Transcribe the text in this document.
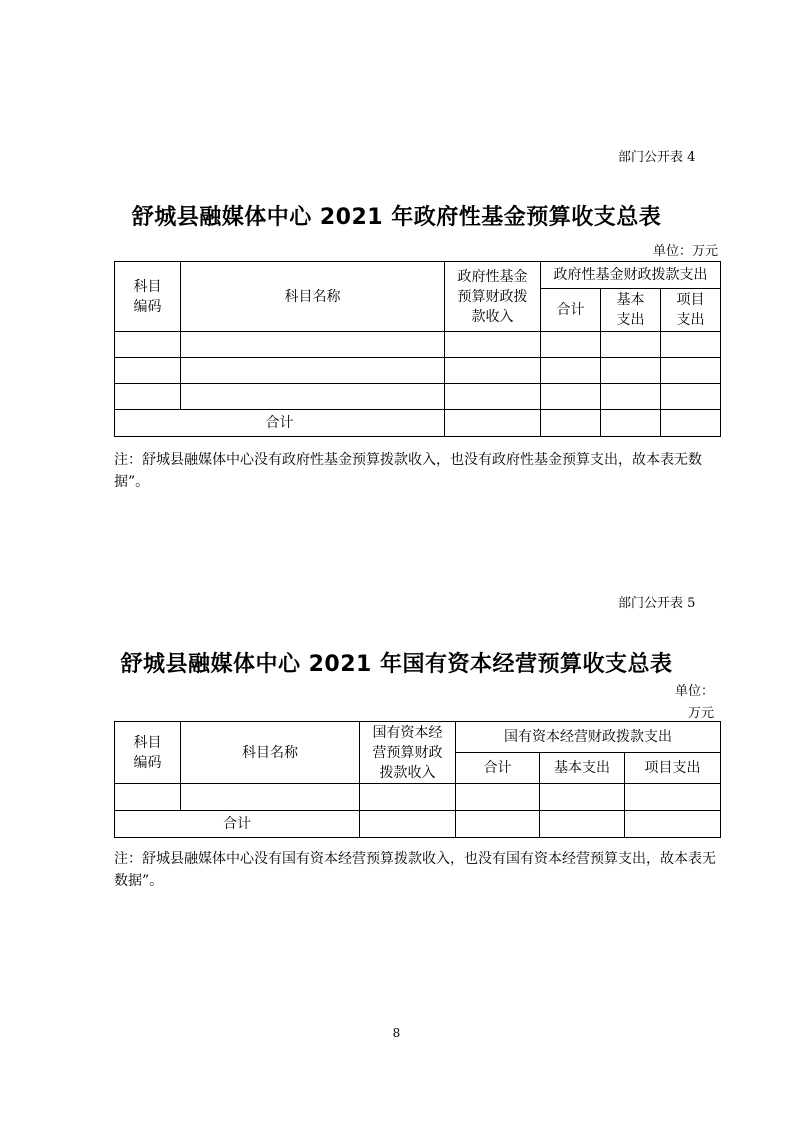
部门公开表 4
舒城县融媒体中心 2021 年政府性基金预算收支总表
单位：万元
科目编码	科目名称	政府性基金预算财政拨款收入	政府性基金财政拨款支出		
			合计	基本支出	项目支出

合计					
注：舒城县融媒体中心没有政府性基金预算拨款收入，也没有政府性基金预算支出，故本表无数据”。
部门公开表 5
舒城县融媒体中心 2021 年国有资本经营预算收支总表
单位：万元
科目编码	科目名称	国有资本经营预算财政拨款收入	国有资本经营财政拨款支出		
			合计	基本支出	项目支出

合计					
注：舒城县融媒体中心没有国有资本经营预算拨款收入，也没有国有资本经营预算支出，故本表无数据”。
8
